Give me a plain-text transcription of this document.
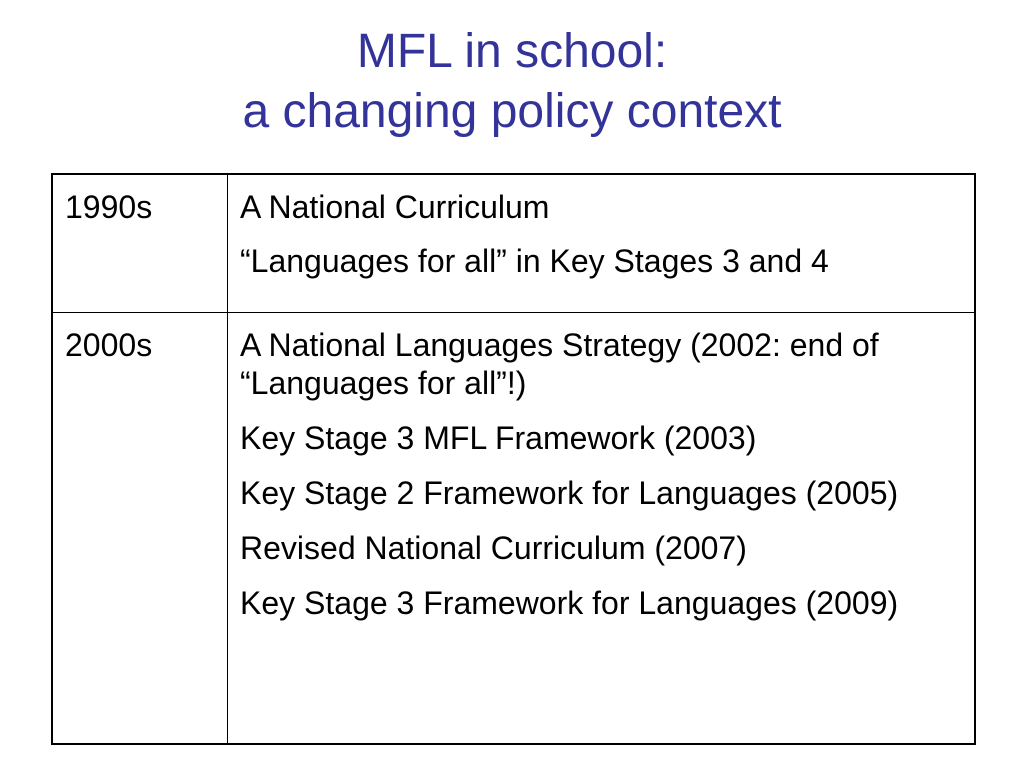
MFL in school:
a changing policy context
1990s	A National Curriculum
“Languages for all” in Key Stages 3 and 4

2000s	A National Languages Strategy (2002: end of “Languages for all”!)
Key Stage 3 MFL Framework (2003)
Key Stage 2 Framework for Languages (2005)
Revised National Curriculum (2007)
Key Stage 3 Framework for Languages (2009)
